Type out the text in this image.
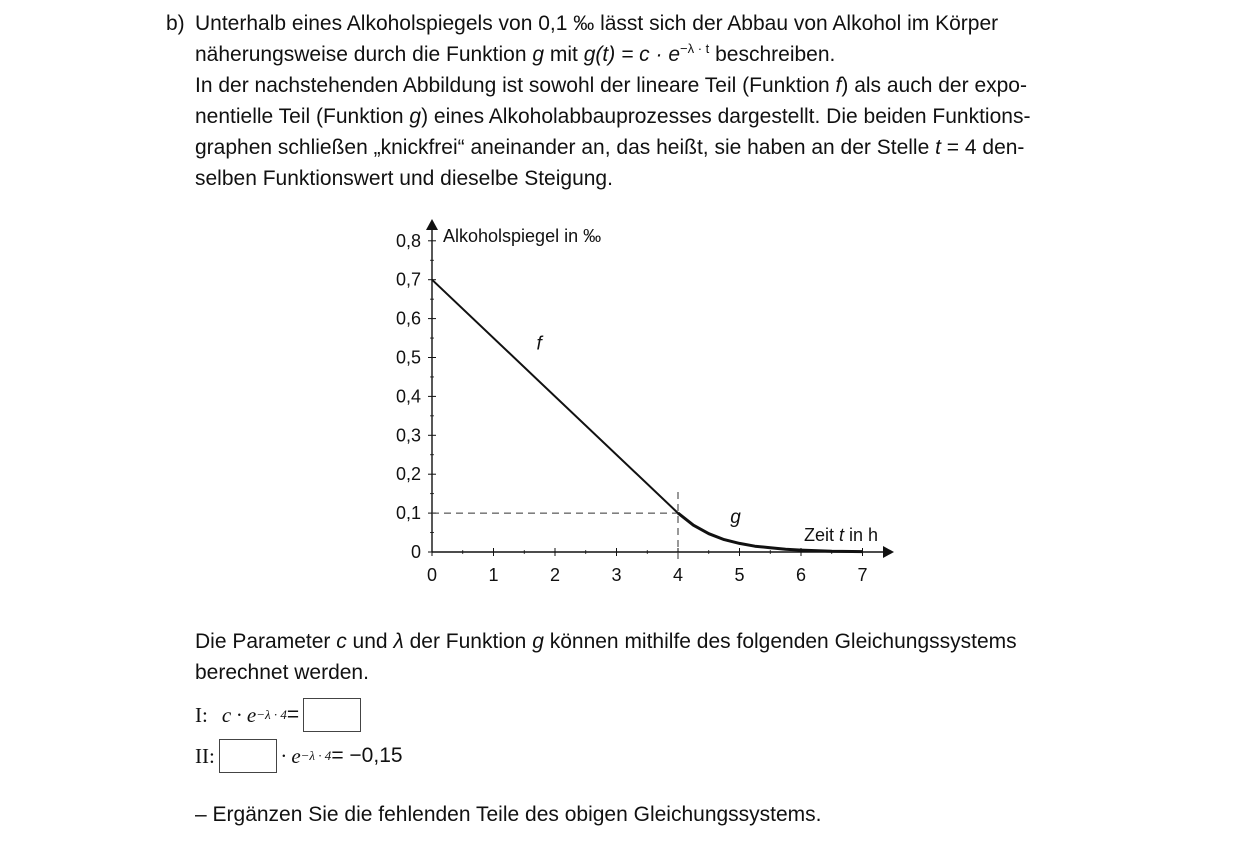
b) Unterhalb eines Alkoholspiegels von 0,1 ‰ lässt sich der Abbau von Alkohol im Körper
näherungsweise durch die Funktion g mit $g(t) = c \cdot e^{-\lambda \cdot t}$ beschreiben.
In der nachstehenden Abbildung ist sowohl der lineare Teil (Funktion f) als auch der expo-
nentielle Teil (Funktion g) eines Alkoholabbauprozesses dargestellt. Die beiden Funktions-
graphen schließen „knickfrei“ aneinander an, das heißt, sie haben an der Stelle t = 4 den-
selben Funktionswert und dieselbe Steigung.
0	1	2	3	4	5	6	7
0
0,1
0,2
0,3
0,4
0,5
0,6
0,7
0,8 Alkoholspiegel in ‰
Zeit t in h
f
g
Die Parameter c und λ der Funktion g können mithilfe des folgenden Gleichungssystems
berechnet werden.
I: c · e −λ · 4 =
II:	· e −λ · 4 = −0,15
– Ergänzen Sie die fehlenden Teile des obigen Gleichungssystems.
